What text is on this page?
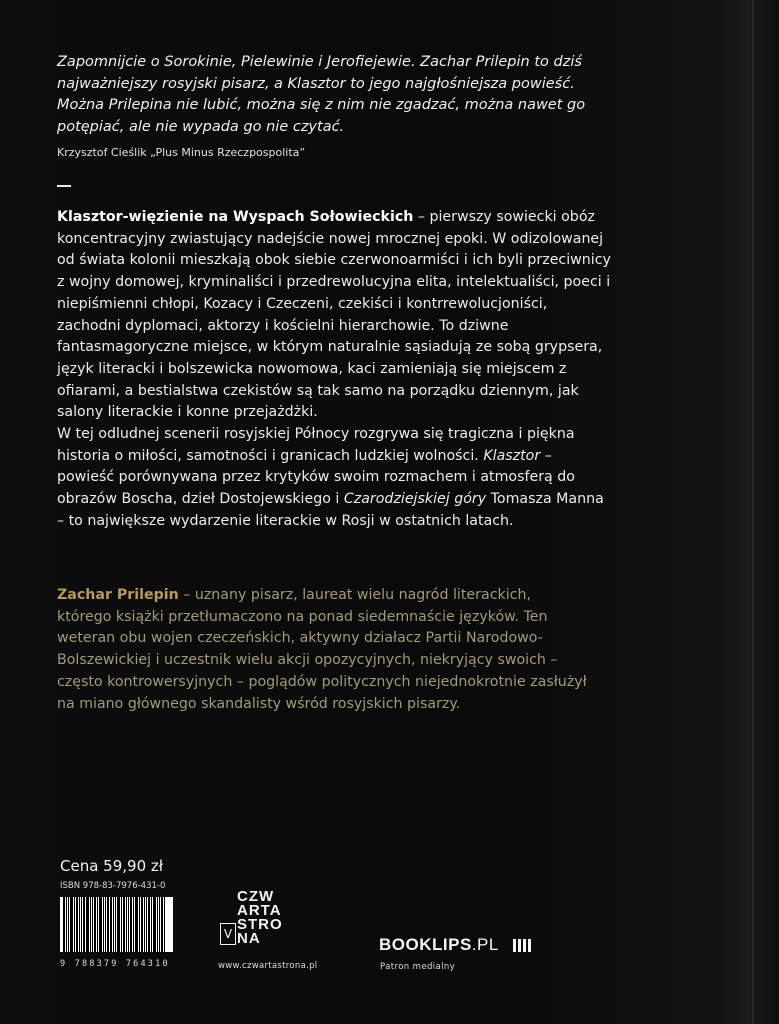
Zapomnijcie o Sorokinie, Pielewinie i Jerofiejewie. Zachar Prilepin to dziś najważniejszy rosyjski pisarz, a Klasztor to jego najgłośniejsza powieść. Można Prilepina nie lubić, można się z nim nie zgadzać, można nawet go potępiać, ale nie wypada go nie czytać.

Krzysztof Cieślik „Plus Minus Rzeczpospolita”

Klasztor-więzienie na Wyspach Sołowieckich – pierwszy sowiecki obóz koncentracyjny zwiastujący nadejście nowej mrocznej epoki. W odizolowanej od świata kolonii mieszkają obok siebie czerwonoarmiści i ich byli przeciwnicy z wojny domowej, kryminaliści i przedrewolucyjna elita, intelektualiści, poeci i niepiśmienni chłopi, Kozacy i Czeczeni, czekiści i kontrrewolucjoniści, zachodni dyplomaci, aktorzy i kościelni hierarchowie. To dziwne fantasmagoryczne miejsce, w którym naturalnie sąsiadują ze sobą grypsera, język literacki i bolszewicka nowomowa, kaci zamieniają się miejscem z ofiarami, a bestialstwa czekistów są tak samo na porządku dziennym, jak salony literackie i konne przejażdżki.

W tej odludnej scenerii rosyjskiej Północy rozgrywa się tragiczna i piękna historia o miłości, samotności i granicach ludzkiej wolności. Klasztor – powieść porównywana przez krytyków swoim rozmachem i atmosferą do obrazów Boscha, dzieł Dostojewskiego i Czarodziejskiej góry Tomasza Manna – to największe wydarzenie literackie w Rosji w ostatnich latach.

Zachar Prilepin – uznany pisarz, laureat wielu nagród literackich, którego książki przetłumaczono na ponad siedemnaście języków. Ten weteran obu wojen czeczeńskich, aktywny działacz Partii Narodowo-Bolszewickiej i uczestnik wielu akcji opozycyjnych, niekryjący swoich – często kontrowersyjnych – poglądów politycznych niejednokrotnie zasłużył na miano głównego skandalisty wśród rosyjskich pisarzy.

Cena 59,90 zł
ISBN 978-83-7976-431-0
9 788379 764310
CZW
ARTA
STRO
NA
V
www.czwartastrona.pl
BOOKLIPS.PL
Patron medialny
